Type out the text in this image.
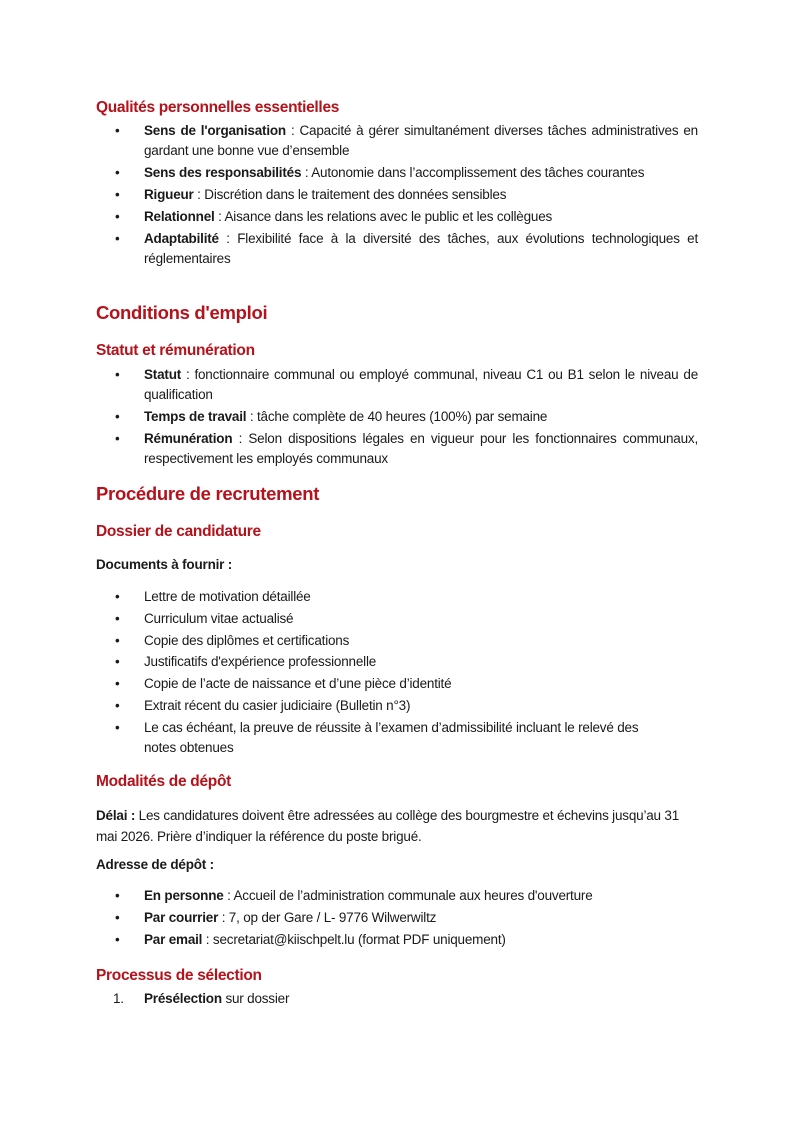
Qualités personnelles essentielles
• Sens de l'organisation : Capacité à gérer simultanément diverses tâches administratives en gardant une bonne vue d’ensemble
• Sens des responsabilités : Autonomie dans l’accomplissement des tâches courantes
• Rigueur : Discrétion dans le traitement des données sensibles
• Relationnel : Aisance dans les relations avec le public et les collègues
• Adaptabilité : Flexibilité face à la diversité des tâches, aux évolutions technologiques et réglementaires
Conditions d'emploi
Statut et rémunération
• Statut : fonctionnaire communal ou employé communal, niveau C1 ou B1 selon le niveau de qualification
• Temps de travail : tâche complète de 40 heures (100%) par semaine
• Rémunération : Selon dispositions légales en vigueur pour les fonctionnaires communaux, respectivement les employés communaux
Procédure de recrutement
Dossier de candidature

Documents à fournir :

• Lettre de motivation détaillée
• Curriculum vitae actualisé
• Copie des diplômes et certifications
• Justificatifs d'expérience professionnelle
• Copie de l’acte de naissance et d’une pièce d’identité
• Extrait récent du casier judiciaire (Bulletin n°3)
• Le cas échéant, la preuve de réussite à l’examen d’admissibilité incluant le relevé des notes obtenues
Modalités de dépôt

Délai : Les candidatures doivent être adressées au collège des bourgmestre et échevins jusqu’au 31 mai 2026. Prière d’indiquer la référence du poste brigué.

Adresse de dépôt :

• En personne : Accueil de l’administration communale aux heures d'ouverture
• Par courrier : 7, op der Gare / L- 9776 Wilwerwiltz
• Par email : secretariat@kiischpelt.lu (format PDF uniquement)
Processus de sélection
1. Présélection sur dossier
